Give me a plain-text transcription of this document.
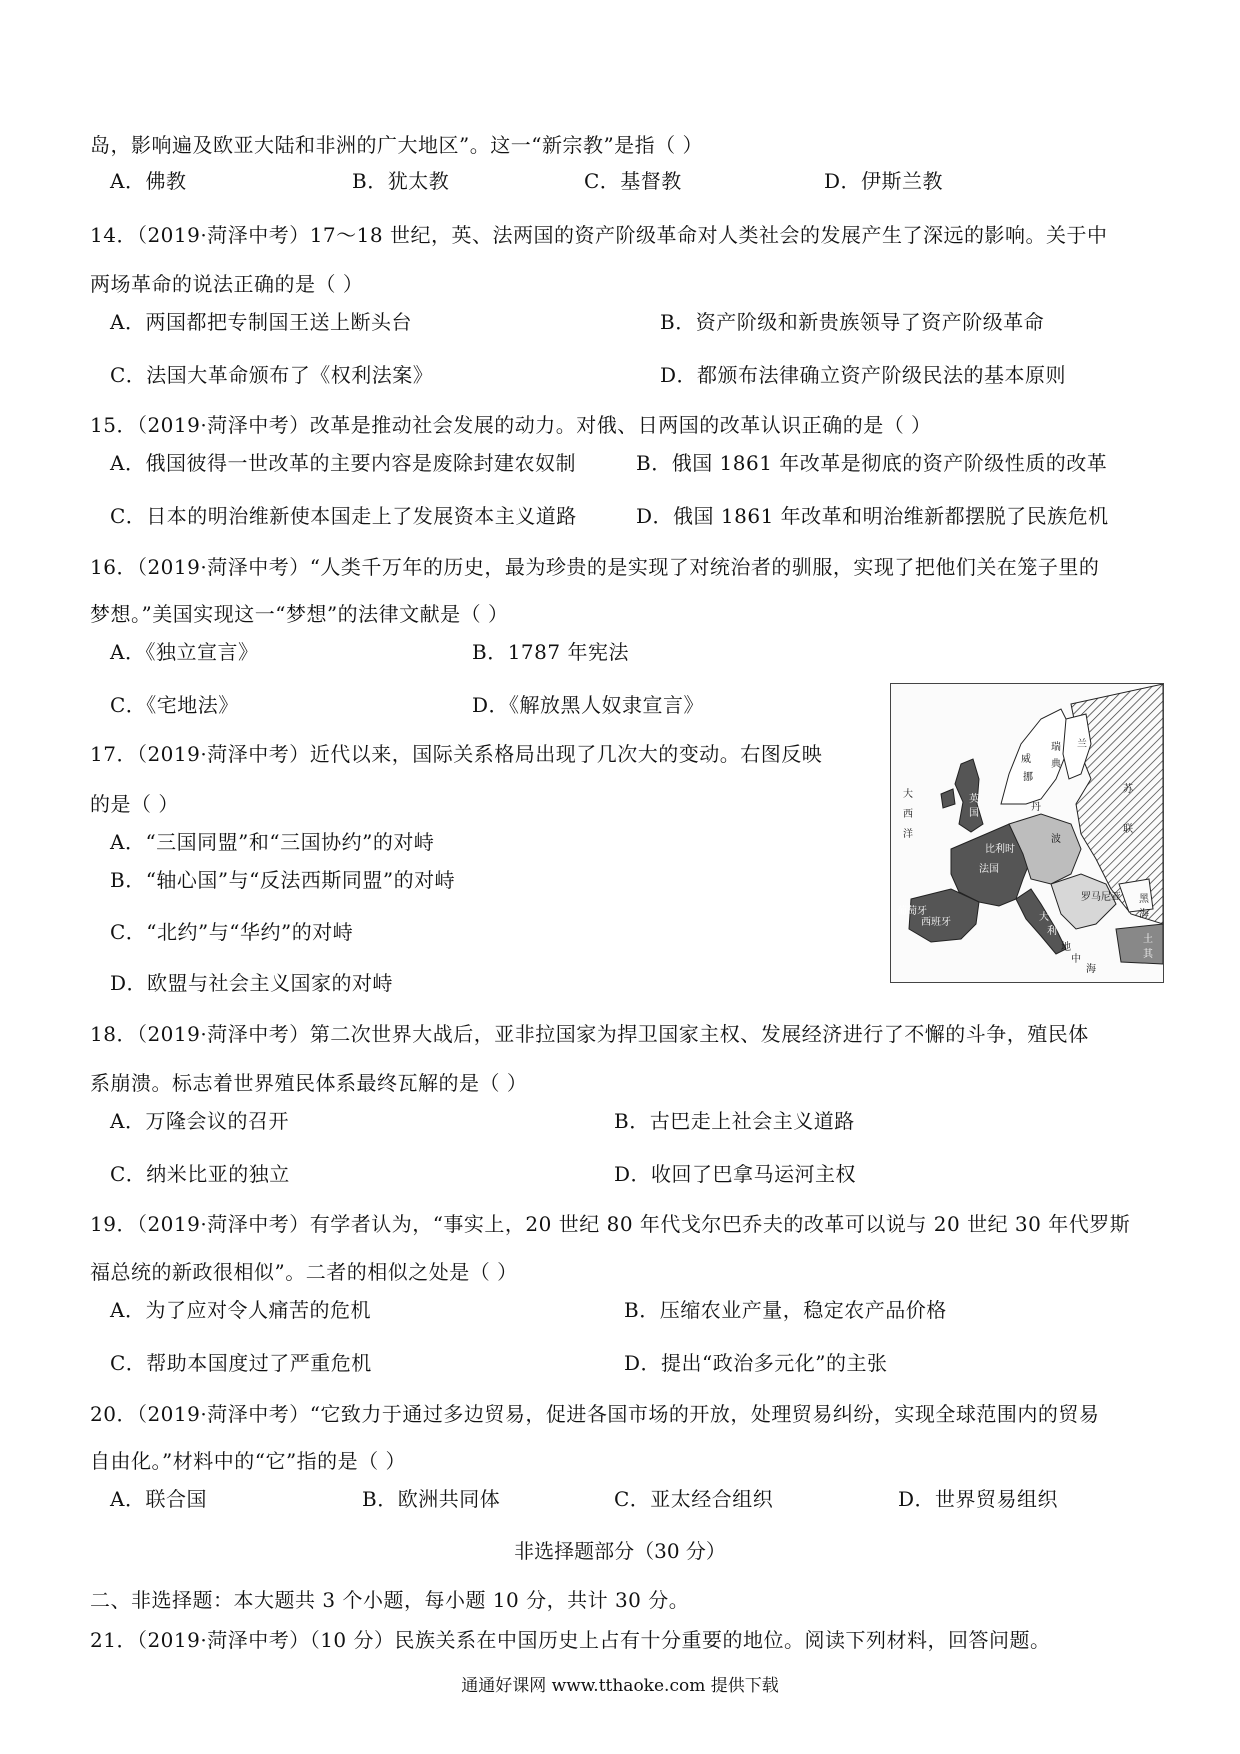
岛，影响遍及欧亚大陆和非洲的广大地区”。这一“新宗教”是指（ ）
A．佛教	B．犹太教	C．基督教	D．伊斯兰教
14．（2019·菏泽中考）17～18 世纪，英、法两国的资产阶级革命对人类社会的发展产生了深远的影响。关于中
两场革命的说法正确的是（ ）
A．两国都把专制国王送上断头台	B．资产阶级和新贵族领导了资产阶级革命
C．法国大革命颁布了《权利法案》	D．都颁布法律确立资产阶级民法的基本原则
15．（2019·菏泽中考）改革是推动社会发展的动力。对俄、日两国的改革认识正确的是（ ）
A．俄国彼得一世改革的主要内容是废除封建农奴制	B．俄国 1861 年改革是彻底的资产阶级性质的改革
C．日本的明治维新使本国走上了发展资本主义道路	D．俄国 1861 年改革和明治维新都摆脱了民族危机
16．（2019·菏泽中考）“人类千万年的历史，最为珍贵的是实现了对统治者的驯服，实现了把他们关在笼子里的
梦想。”美国实现这一“梦想”的法律文献是（ ）
A．《独立宣言》	B．1787 年宪法
C．《宅地法》	D．《解放黑人奴隶宣言》
17．（2019·菏泽中考）近代以来，国际关系格局出现了几次大的变动。右图反映
的是（ ）
A．“三国同盟”和“三国协约”的对峙
B．“轴心国”与“反法西斯同盟”的对峙
C．“北约”与“华约”的对峙
D．欧盟与社会主义国家的对峙
大
西
洋
英
国
法国
西班牙
比利时
丹
威
挪
典
瑞 兰
苏
联
波
罗马尼亚 黑
海
土
其
大
利
地
中
海
葡萄牙
18．（2019·菏泽中考）第二次世界大战后，亚非拉国家为捍卫国家主权、发展经济进行了不懈的斗争，殖民体
系崩溃。标志着世界殖民体系最终瓦解的是（ ）
A．万隆会议的召开	B．古巴走上社会主义道路
C．纳米比亚的独立	D．收回了巴拿马运河主权
19．（2019·菏泽中考）有学者认为，“事实上，20 世纪 80 年代戈尔巴乔夫的改革可以说与 20 世纪 30 年代罗斯
福总统的新政很相似”。二者的相似之处是（ ）
A．为了应对令人痛苦的危机	B．压缩农业产量，稳定农产品价格
C．帮助本国度过了严重危机	D．提出“政治多元化”的主张
20．（2019·菏泽中考）“它致力于通过多边贸易，促进各国市场的开放，处理贸易纠纷，实现全球范围内的贸易
自由化。”材料中的“它”指的是（ ）
A．联合国	B．欧洲共同体	C．亚太经合组织	D．世界贸易组织
非选择题部分（30 分）
二、非选择题：本大题共 3 个小题，每小题 10 分，共计 30 分。
21．（2019·菏泽中考）（10 分）民族关系在中国历史上占有十分重要的地位。阅读下列材料，回答问题。
通通好课网 www.tthaoke.com 提供下载
